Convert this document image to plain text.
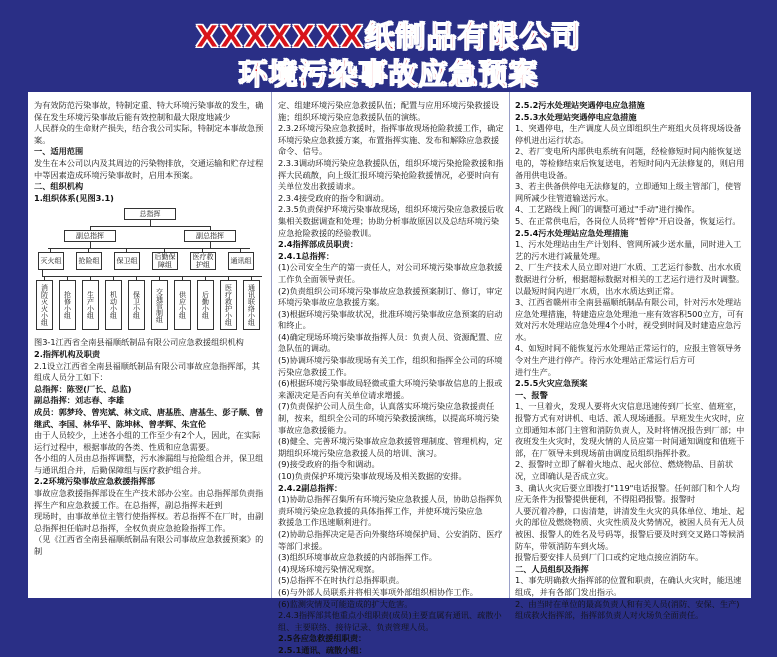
XXXXXXX纸制品有限公司
环境污染事故应急预案

为有效防范污染事故，特制定重、特大环境污染事故的发生，确保在发生环境污染事故后能有效控制和最大限度地减少

人民群众的生命财产损失，结合我公司实际，特制定本事故急预案。

一、适用范围

发生在本公司以内及其周边的污染物排放，交通运输和贮存过程中等因素造成环境污染事故时，启用本预案。

二、组织机构

1.组织体系(见图3.1)

总指挥
副总指挥	副总指挥
灭火组	抢险组	保卫组	后勤保障组
医疗救护组	通讯组
消防灭火小组	抢修小组	生产小组	机动小组	保卫小组	交通管制组	供应小组	后勤小组	医疗救护小组	通讯联络小组

图3-1江西省全南县福顺纸制品有限公司应急救援组织机构

2.指挥机构及职责

2.1设立江西省全南县福顺纸制品有限公司事故应急指挥部，其组成人员分工如下：

总指挥：陈翌(厂长、总监)

副总指挥：刘志春、李雄

成员：郭梦玲、曾宪斌、林文成、唐基胜、唐基生、彭子顺、曾继武、李国、林华平、陈坤林、曾孝辉、朱宜伦

由于人员较少，上述各小组的工作至少有2个人，因此，在实际运行过程中，根据事故的各类、性质和应急需要。

各小组的人员由总指挥调整，污水渗漏组与抢险组合并，保卫组与通讯组合并，后勤保障组与医疗救护组合并。

2.2环境污染事故应急救援指挥部

事故应急救援指挥部设在生产技术部办公室。由总指挥部负责指挥生产和应急救援工作。在总指挥，副总指挥未赶到

现场时，由事故单位主管行使指挥权。若总指挥不在厂时，由副总指挥担任临时总指挥，全权负责应急抢险指挥工作。

（见《江西省全南县福顺纸制品有限公司事故应急救援预案》的制

定、组建环境污染应急救援队伍；配置与应用环境污染救援设施；组织环境污染应急救援队伍的演练。

2.3.2环境污染应急救援时，指挥事故现场抢险救援工作，确定环境污染应急救援方案，布置指挥实施、发布和解除应急救援

命令、信号。

2.3.3调动环境污染应急救援队伍，组织环境污染抢险救援和指挥大民疏散，向上级汇报环境污染抢险救援情况，必要时向有关单位发出救援请求。

2.3.4接受政府的指令和调动。

2.3.5负责保护环境污染事故现场，组织环境污染应急救援后收集相关数据调查和处理；协助分析事故原因以及总结环境污染

应急抢险救援的经验教训。

2.4指挥部成员职责：

2.4.1总指挥：

(1)公司安全生产的第一责任人，对公司环境污染事故应急救援工作负全面领导责任。

(2)负责组织公司环境污染事故应急救援预案制订、修订，审定环境污染事故应急救援方案。

(3)根据环境污染事故状况，批准环境污染事故应急预案的启动和终止。

(4)确定现场环境污染事故指挥人员：负责人员、资源配置、应急队伍的调动。

(5)协调环境污染事故现场有关工作，组织和指挥全公司的环境污染应急救援工作。

(6)根据环境污染事故局轻微或重大环境污染事故信息的上报或来源决定是否向有关单位请求增援。

(7)负责保护公司人员生命，认真落实环境污染应急救援责任制，按来，组织全公司的环境污染救援演练，以提高环境污染事故应急救援能力。

(8)健全、完善环境污染事故应急救援管理制度、管理机构，定期组织环境污染应急救援人员的培训、演习。

(9)接受政府的指令和调动。

(10)负责保护环境污染事故现场及相关数据的安排。

2.4.2副总指挥：

(1)协助总指挥召集所有环境污染应急救援人员，协助总指挥负责环境污染应急救援的具体指挥工作，并使环境污染应急

救援急工作迅速顺利进行。

(2)协助总指挥决定是否向外聚络环境保护局、公安消防、医疗等部门求援。

(3)组织环境事故应急救援的内部指挥工作。

(4)现场环境污染情况观察。

(5)总指挥不在时执行总指挥职责。

(6)与外部人员联系并将相关事项外部组织相协作工作。

(6)监测灾情及可能造成的扩大危害。

2.4.3指挥部其他重点小组职责(成员)主要直属有通讯、疏散小组、主要联络、接待记录、负责管理人员。

2.5各应急救援组职责：

2.5.1通讯、疏散小组：

2.5.2污水处理站突遇停电应急措施

2.5.3水处理站突遇停电应急措施

1、突遇停电，生产调度人员立即组织生产班组火员将现场设备停机进出运行状态。

2、若厂变电所内部供电系统有问题，经检修短时间内能恢复送电的，等检修结束后恢复送电，若短时间内无法修复的，则启用备用供电设备。

3、若主供备供停电无法修复的，立即通知上级主管部门，使管网所减少往管道输送污水。

4、工艺路线上阀门的调整可通过"手动"进行操作。

5、在正常供电后，各岗位人员将"暂停"开启设备，恢复运行。

2.5.4污水处理站应急处理措施

1、污水处理站由生产计划科、管网所减少送水量，同时进入工艺的污水进行减量处理。

2、厂生产技术人员立即对进厂水质、工艺运行参数、出水水质数据进行分析，根据超标数据对相关的工艺运行进行及时调整。以最短时间内进厂水质，出水水质达到正常。

3、江西省赣州市全南县福顺纸制品有限公司，针对污水处理站应急处理措施，特建造应急处理池一座有效容积500立方，可有效对污水处理站应急处理4个小时，视受到时间及时建造应急污水。

4、如短时间不能恢复污水处理站正常运行的，应报主管领导务令对生产进行停产。待污水处理站正常运行后方可

进行生产。

2.5.5火灾应急预案

一、报警

1、一旦着火，发现人要将火灾信息迅速传到厂长室、值班室，报警方式有对讲机、电话、派人现场通报。早班发生火灾时，应立即通知本部门主管和消防负责人，及时将情况报告到厂部；中夜班发生火灾时，发现火情的人员应第一时间通知调度和值班干部，在厂领导未到现场前由调度员组织指挥扑救。

2、报警时立即了解着火地点、起火部位、燃烧物品、目前状况，立即确认是否成立灾。

3、确认火灾后要立即拨打"119"电话报警。任何部门和个人均应无条件为报警提供便利，不得阻碍报警。报警时

人要沉着冷静，口齿清楚，讲清发生火灾的具体单位、地址、起火的部位及燃烧物质、火灾性质及火势情况，被困人员有无人员被困、报警人的姓名及号码等，报警后要及时到交叉路口等候消防车，带领消防车到火场。

报警后要安排人员到厂门口或约定地点接应消防车。

二、人员组织及指挥

1、事先明确救火指挥部的位置和职责，在确认火灾时，能迅速组成，并有各部门发出指示。

2、由当时在单位的最高负责人和有关人员(消防、安保、生产)组成救火指挥部，指挥部负责人对火场负全面责任。
